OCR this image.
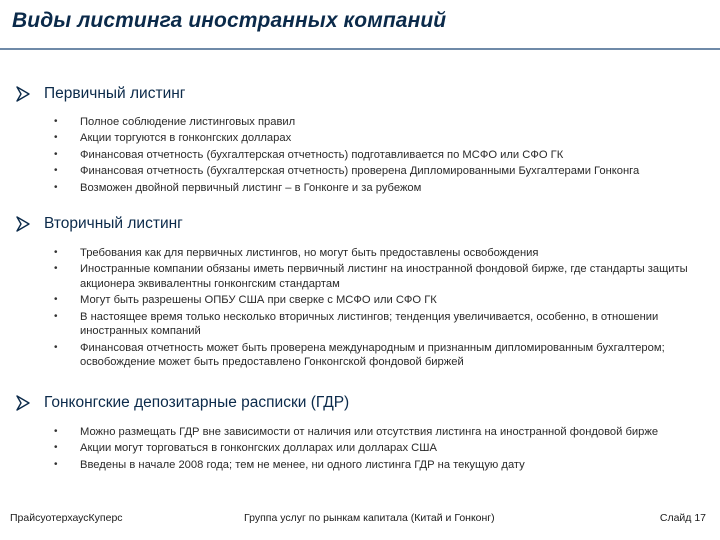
Виды листинга иностранных компаний
Первичный листинг
• Полное соблюдение листинговых правил
• Акции торгуются в гонконгских долларах
• Финансовая отчетность (бухгалтерская отчетность) подготавливается по МСФО или СФО ГК
• Финансовая отчетность (бухгалтерская отчетность) проверена Дипломированными Бухгалтерами Гонконга
• Возможен двойной первичный листинг – в Гонконге и за рубежом
Вторичный листинг
• Требования как для первичных листингов, но могут быть предоставлены освобождения
• Иностранные компании обязаны иметь первичный листинг на иностранной фондовой бирже, где стандарты защиты акционера эквивалентны гонконгским стандартам
• Могут быть разрешены ОПБУ США при сверке с МСФО или СФО ГК
• В настоящее время только несколько вторичных листингов; тенденция увеличивается, особенно, в отношении иностранных компаний
• Финансовая отчетность может быть проверена международным и признанным дипломированным бухгалтером; освобождение может быть предоставлено Гонконгской фондовой биржей
Гонконгские депозитарные расписки (ГДР)
• Можно размещать ГДР вне зависимости от наличия или отсутствия листинга на иностранной фондовой бирже
• Акции могут торговаться в гонконгских долларах или долларах США
• Введены в начале 2008 года; тем не менее, ни одного листинга ГДР на текущую дату
ПрайсуотерхаусКуперс	Группа услуг по рынкам капитала (Китай и Гонконг)	Слайд 17
